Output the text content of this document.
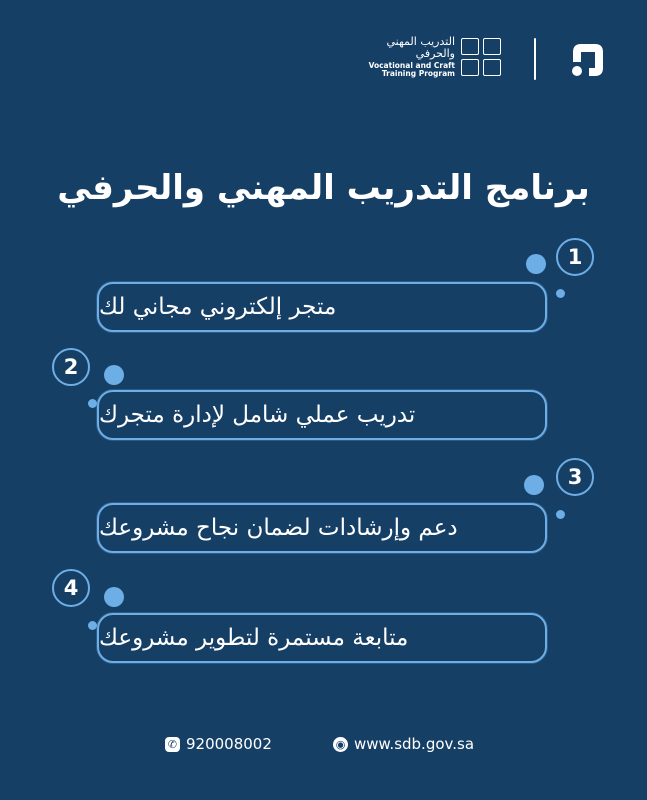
التدريب المهني والحرفي
Vocational and Craft
Training Program
برنامج التدريب المهني والحرفي
متجر إلكتروني مجاني لك
1
تدريب عملي شامل لإدارة متجرك
2
دعم وإرشادات لضمان نجاح مشروعك
3
متابعة مستمرة لتطوير مشروعك
4
✆ 920008002	◉ www.sdb.gov.sa
